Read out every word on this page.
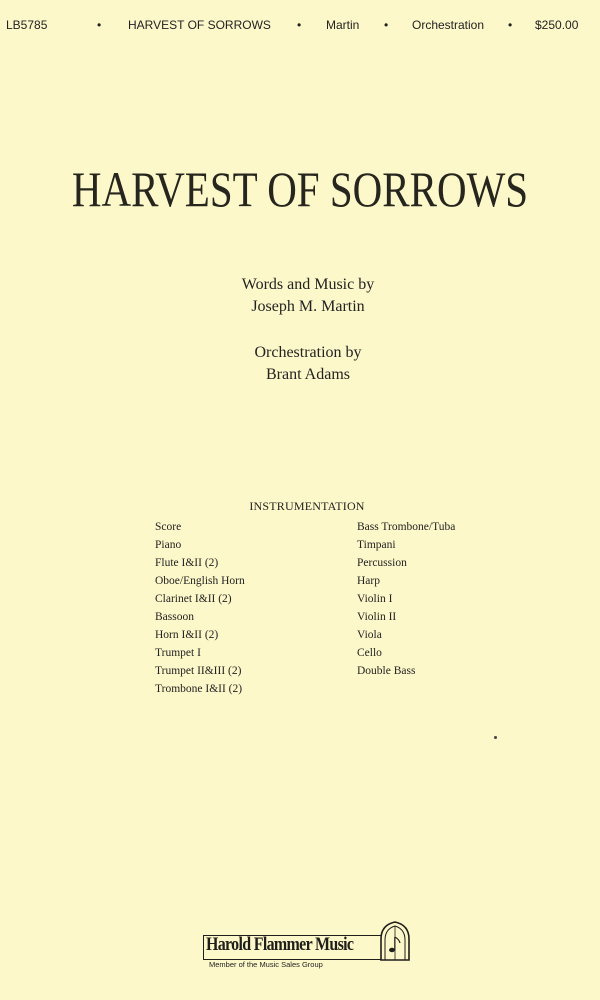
LB5785	• HARVEST OF SORROWS • Martin • Orchestration • $250.00
HARVEST OF SORROWS
Words and Music by
Joseph M. Martin
Orchestration by
Brant Adams
INSTRUMENTATION
Score
Piano
Flute I&II (2)
Oboe/English Horn
Clarinet I&II (2)
Bassoon
Horn I&II (2)
Trumpet I
Trumpet II&III (2)
Trombone I&II (2)
Bass Trombone/Tuba
Timpani
Percussion
Harp
Violin I
Violin II
Viola
Cello
Double Bass
Harold Flammer Music
Member of the Music Sales Group
